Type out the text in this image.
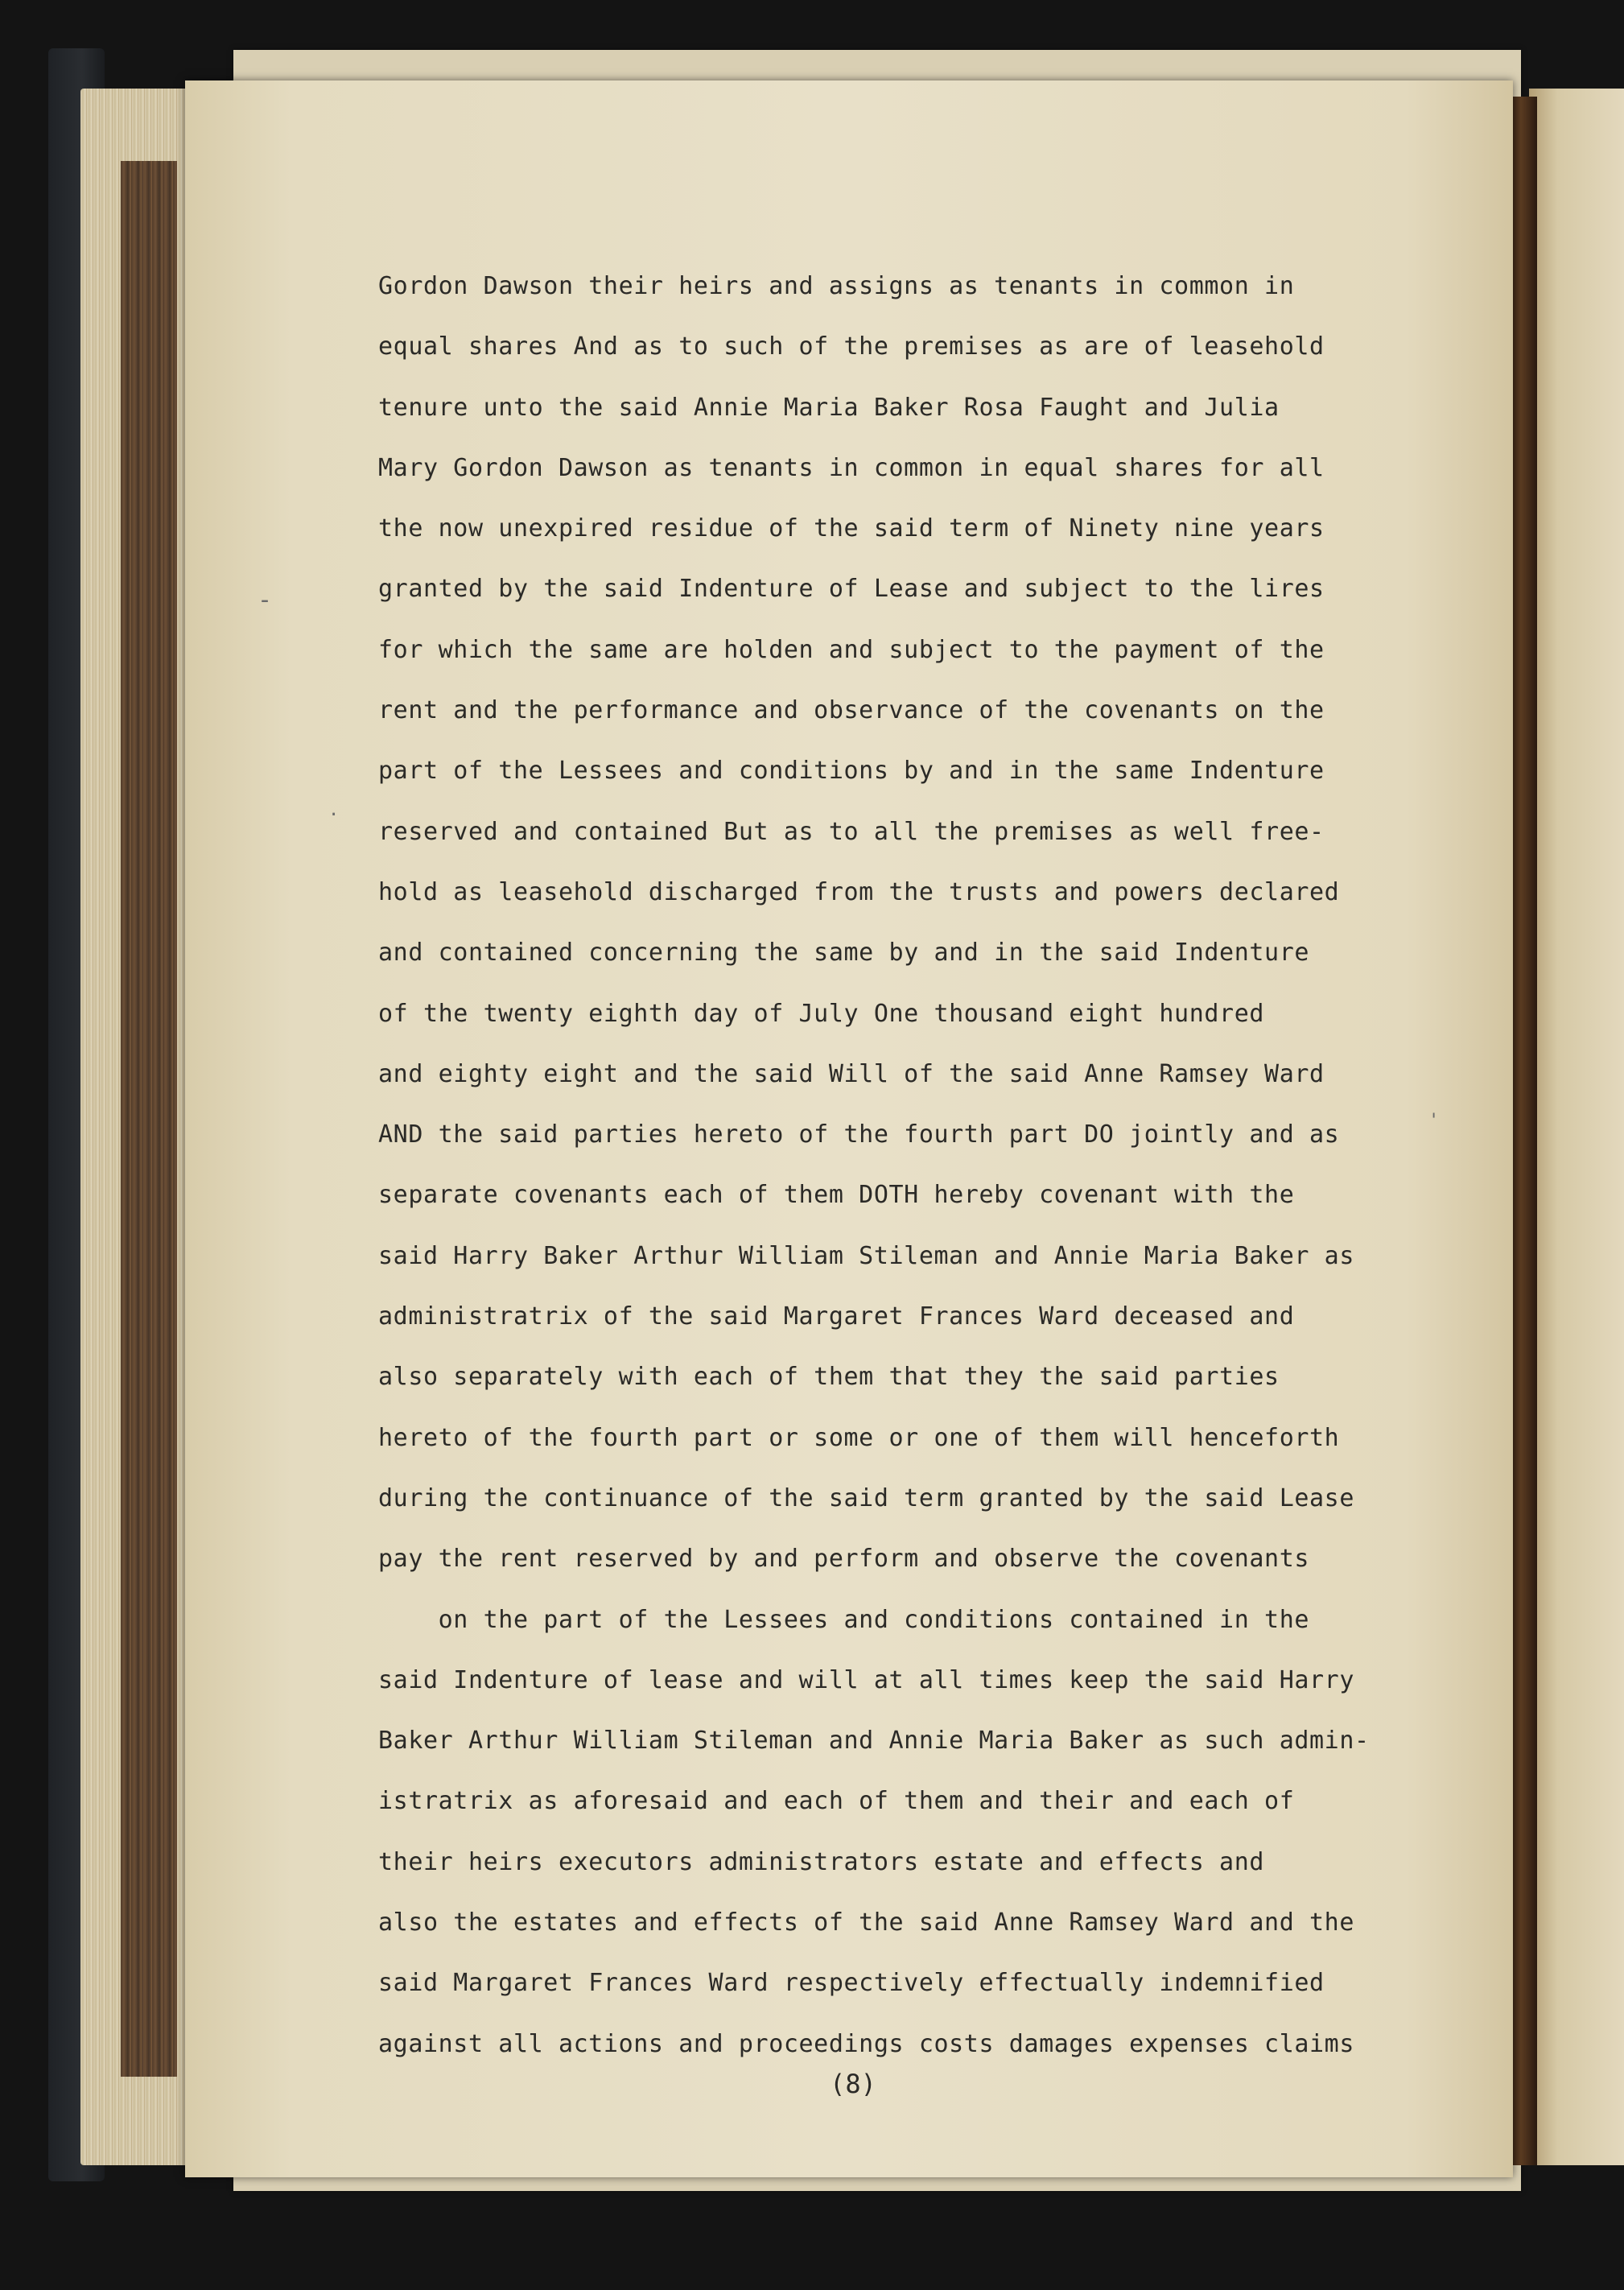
-
·
'
Gordon Dawson their heirs and assigns as tenants in common in
equal shares And as to such of the premises as are of leasehold
tenure unto the said Annie Maria Baker Rosa Faught and Julia
Mary Gordon Dawson as tenants in common in equal shares for all
the now unexpired residue of the said term of Ninety nine years
granted by the said Indenture of Lease and subject to the lires
for which the same are holden and subject to the payment of the
rent and the performance and observance of the covenants on the
part of the Lessees and conditions by and in the same Indenture
reserved and contained But as to all the premises as well free-
hold as leasehold discharged from the trusts and powers declared
and contained concerning the same by and in the said Indenture
of the twenty eighth day of July One thousand eight hundred
and eighty eight and the said Will of the said Anne Ramsey Ward
AND the said parties hereto of the fourth part DO jointly and as
separate covenants each of them DOTH hereby covenant with the
said Harry Baker Arthur William Stileman and Annie Maria Baker as
administratrix of the said Margaret Frances Ward deceased and
also separately with each of them that they the said parties
hereto of the fourth part or some or one of them will henceforth
during the continuance of the said term granted by the said Lease
pay the rent reserved by and perform and observe the covenants
on the part of the Lessees and conditions contained in the
said Indenture of lease and will at all times keep the said Harry
Baker Arthur William Stileman and Annie Maria Baker as such admin-
istratrix as aforesaid and each of them and their and each of
their heirs executors administrators estate and effects and
also the estates and effects of the said Anne Ramsey Ward and the
said Margaret Frances Ward respectively effectually indemnified
against all actions and proceedings costs damages expenses claims
(8)
